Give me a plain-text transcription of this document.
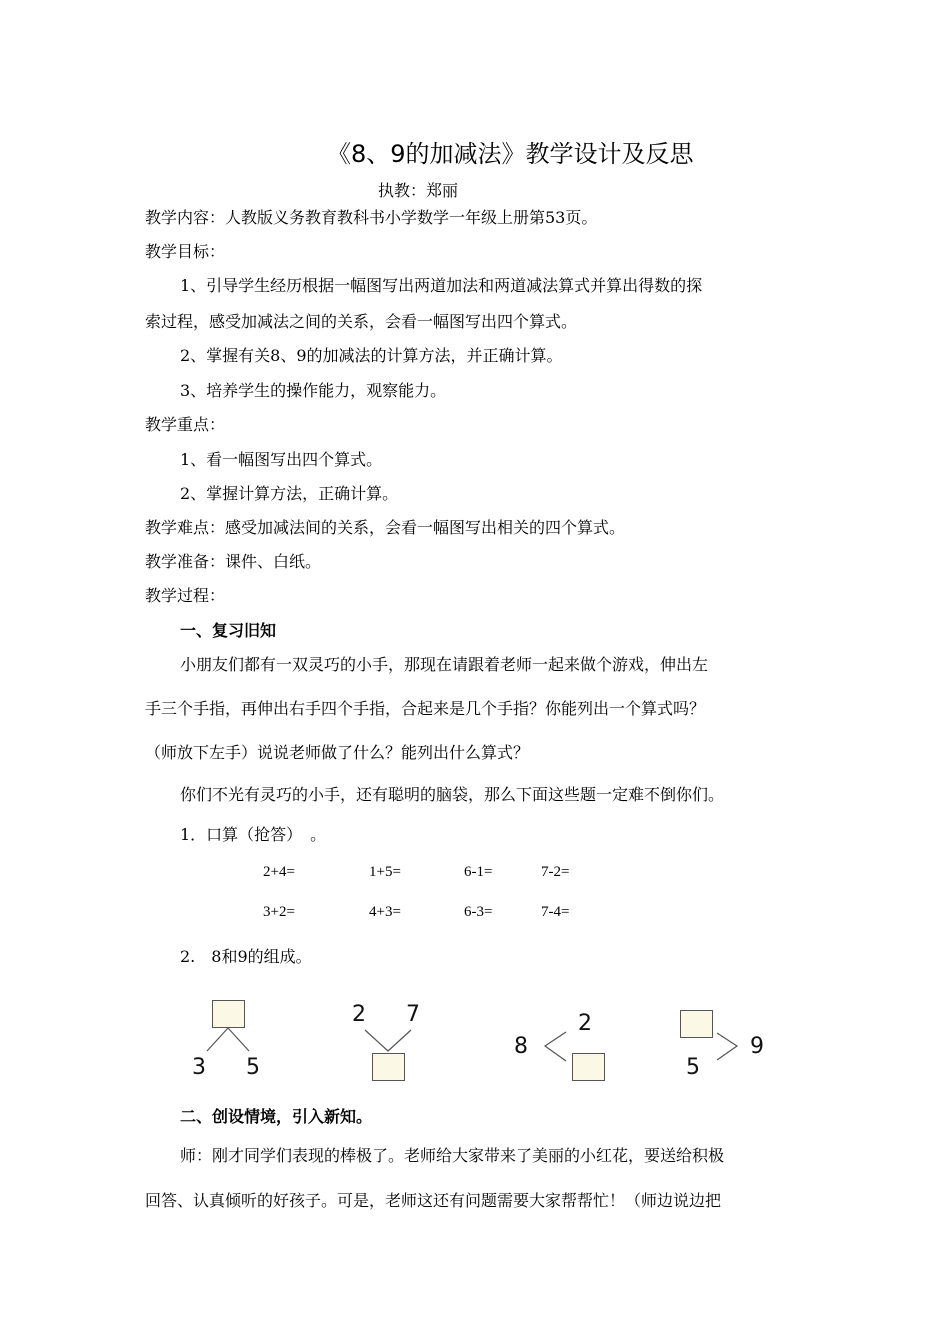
《8、9的加减法》教学设计及反思
执教：郑丽
教学内容：人教版义务教育教科书小学数学一年级上册第53页。
教学目标：
1、引导学生经历根据一幅图写出两道加法和两道减法算式并算出得数的探
索过程，感受加减法之间的关系，会看一幅图写出四个算式。
2、掌握有关8、9的加减法的计算方法，并正确计算。
3、培养学生的操作能力，观察能力。
教学重点：
1、看一幅图写出四个算式。
2、掌握计算方法，正确计算。
教学难点：感受加减法间的关系，会看一幅图写出相关的四个算式。
教学准备：课件、白纸。
教学过程：
一、复习旧知
小朋友们都有一双灵巧的小手，那现在请跟着老师一起来做个游戏，伸出左
手三个手指，再伸出右手四个手指，合起来是几个手指？你能列出一个算式吗？
（师放下左手）说说老师做了什么？能列出什么算式？
你们不光有灵巧的小手，还有聪明的脑袋，那么下面这些题一定难不倒你们。
1．口算（抢答）　。
2+4=	1+5=	6-1=	7-2=
3+2=	4+3=	6-3=	7-4=
2.　8和9的组成。
3 5
2 7
8
2
5
9
二、创设情境，引入新知。
师：刚才同学们表现的棒极了。老师给大家带来了美丽的小红花，要送给积极
回答、认真倾听的好孩子。可是，老师这还有问题需要大家帮帮忙！（师边说边把
